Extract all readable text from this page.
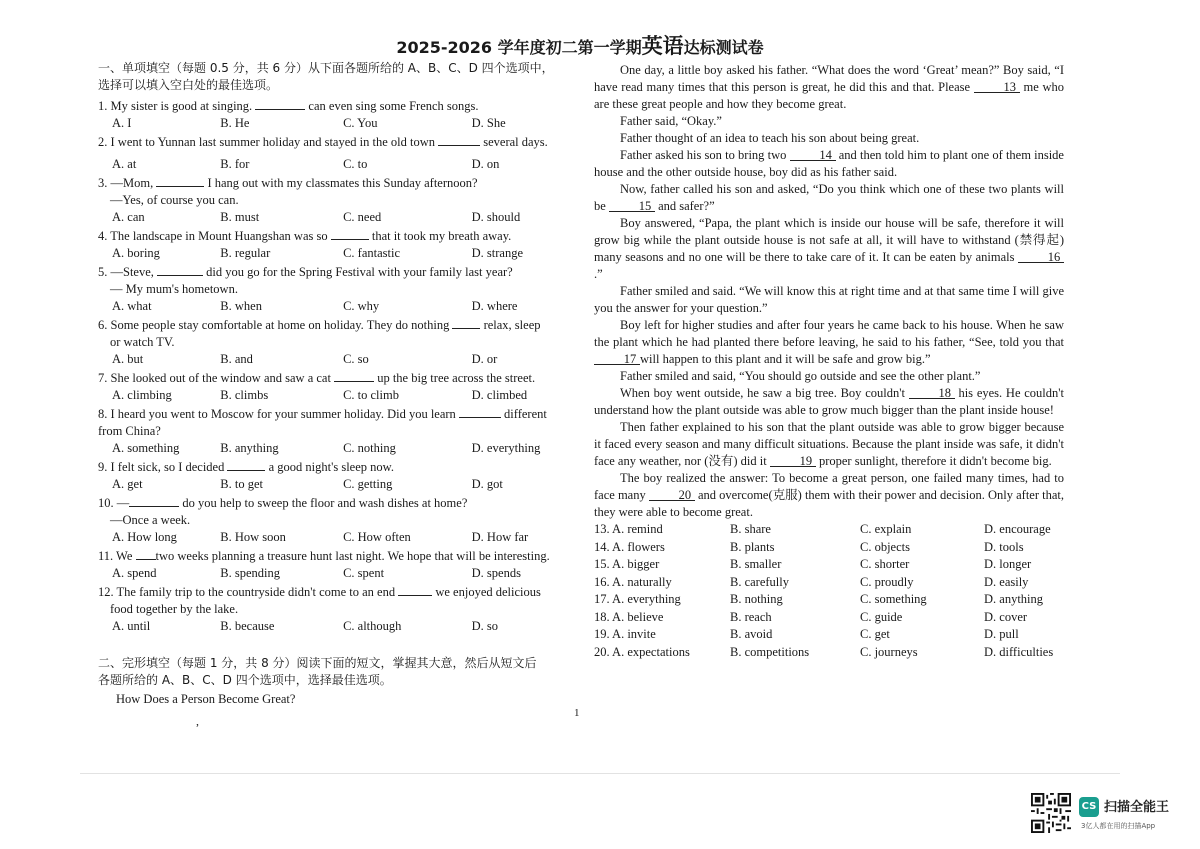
2025-2026 学年度初二第一学期英语达标测试卷
一、单项填空（每题 0.5 分，共 6 分）从下面各题所给的 A、B、C、D 四个选项中，
选择可以填入空白处的最佳选项。
1. My sister is good at singing.	can even sing some French songs.
A. I	B. He	C. You	D. She
2. I went to Yunnan last summer holiday and stayed in the old town	several days.
A. at	B. for	C. to	D. on
3. —Mom,	I hang out with my classmates this Sunday afternoon?
—Yes, of course you can.
A. can	B. must	C. need	D. should
4. The landscape in Mount Huangshan was so	that it took my breath away.
A. boring	B. regular	C. fantastic	D. strange
5. —Steve,	did you go for the Spring Festival with your family last year?
— My mum's hometown.
A. what	B. when	C. why	D. where
6. Some people stay comfortable at home on holiday. They do nothing  relax, sleep
or watch TV.
A. but	B. and	C. so	D. or
7. She looked out of the window and saw a cat	up the big tree across the street.
A. climbing	B. climbs	C. to climb	D. climbed
8. I heard you went to Moscow for your summer holiday. Did you learn	different
from China?
A. something	B. anything	C. nothing	D. everything
9. I felt sick, so I decided	a good night's sleep now.
A. get	B. to get	C. getting	D. got
10. —	do you help to sweep the floor and wash dishes at home?
—Once a week.
A. How long	B. How soon	C. How often	D. How far
11. We two weeks planning a treasure hunt last night. We hope that will be interesting.
A. spend	B. spending	C. spent	D. spends
12. The family trip to the countryside didn't come to an end	we enjoyed delicious
food together by the lake.
A. until	B. because	C. although	D. so
二、完形填空（每题 1 分，共 8 分）阅读下面的短文，掌握其大意，然后从短文后
各题所给的 A、B、C、D 四个选项中，选择最佳选项。
How Does a Person Become Great?

One day, a little boy asked his father. “What does the word ‘Great’ mean?” Boy said, “I have read many times that this person is great, he did this and that. Please 13 me who are these great people and how they become great.

Father said, “Okay.”

Father thought of an idea to teach his son about being great.

Father asked his son to bring two 14 and then told him to plant one of them inside house and the other outside house, boy did as his father said.

Now, father called his son and asked, “Do you think which one of these two plants will be 15 and safer?”

Boy answered, “Papa, the plant which is inside our house will be safe, therefore it will grow big while the plant outside house is not safe at all, it will have to withstand (禁得起) many seasons and no one will be there to take care of it. It can be eaten by animals 16.”

Father smiled and said. “We will know this at right time and at that same time I will give you the answer for your question.”

Boy left for higher studies and after four years he came back to his house. When he saw the plant which he had planted there before leaving, he said to his father, “See, told you that 17 will happen to this plant and it will be safe and grow big.”

Father smiled and said, “You should go outside and see the other plant.”

When boy went outside, he saw a big tree. Boy couldn't 18 his eyes. He couldn't understand how the plant outside was able to grow much bigger than the plant inside house!

Then father explained to his son that the plant outside was able to grow bigger because it faced every season and many difficult situations. Because the plant inside was safe, it didn't face any weather, nor (没有) did it 19 proper sunlight, therefore it didn't become big.

The boy realized the answer: To become a great person, one failed many times, had to face many 20 and overcome(克服) them with their power and decision. Only after that, they were able to become great.

13. A. remind	B. share	C. explain	D. encourage
14. A. flowers	B. plants	C. objects	D. tools
15. A. bigger	B. smaller	C. shorter	D. longer
16. A. naturally	B. carefully	C. proudly	D. easily
17. A. everything	B. nothing	C. something	D. anything
18. A. believe	B. reach	C. guide	D. cover
19. A. invite	B. avoid	C. get	D. pull
20. A. expectations	B. competitions	C. journeys	D. difficulties
,
1
CS 扫描全能王
3亿人都在用的扫描App
